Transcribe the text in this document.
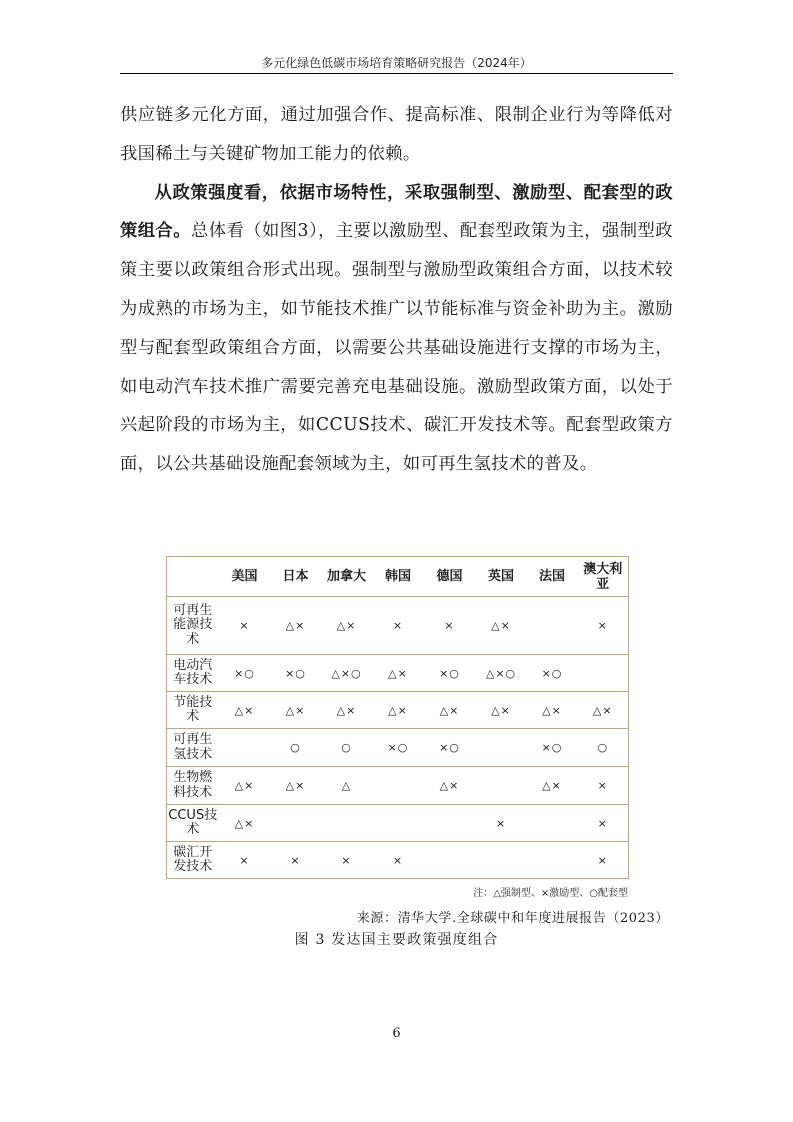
多元化绿色低碳市场培育策略研究报告（2024年）

供应链多元化方面，通过加强合作、提高标准、限制企业行为等降低对我国稀土与关键矿物加工能力的依赖。

从政策强度看，依据市场特性，采取强制型、激励型、配套型的政策组合。总体看（如图3），主要以激励型、配套型政策为主，强制型政策主要以政策组合形式出现。强制型与激励型政策组合方面，以技术较为成熟的市场为主，如节能技术推广以节能标准与资金补助为主。激励型与配套型政策组合方面，以需要公共基础设施进行支撑的市场为主，如电动汽车技术推广需要完善充电基础设施。激励型政策方面，以处于兴起阶段的市场为主，如CCUS技术、碳汇开发技术等。配套型政策方面，以公共基础设施配套领域为主，如可再生氢技术的普及。

	美国	日本	加拿大	韩国	德国	英国	法国	澳大利亚
可再生能源技术	×	△×	△×	×	×	△×		×
电动汽车技术	×○	×○	△×○	△×	×○	△×○	×○	
节能技术	△×	△×	△×	△×	△×	△×	△×	△×
可再生氢技术		○	○	×○	×○		×○	○
生物燃料技术	△×	△×	△		△×		△×	×
CCUS技术	△×					×		×
碳汇开发技术	×	×	×	×				×
注：△强制型、×激励型、○配套型
来源：清华大学.全球碳中和年度进展报告（2023）
图 3 发达国主要政策强度组合
6
